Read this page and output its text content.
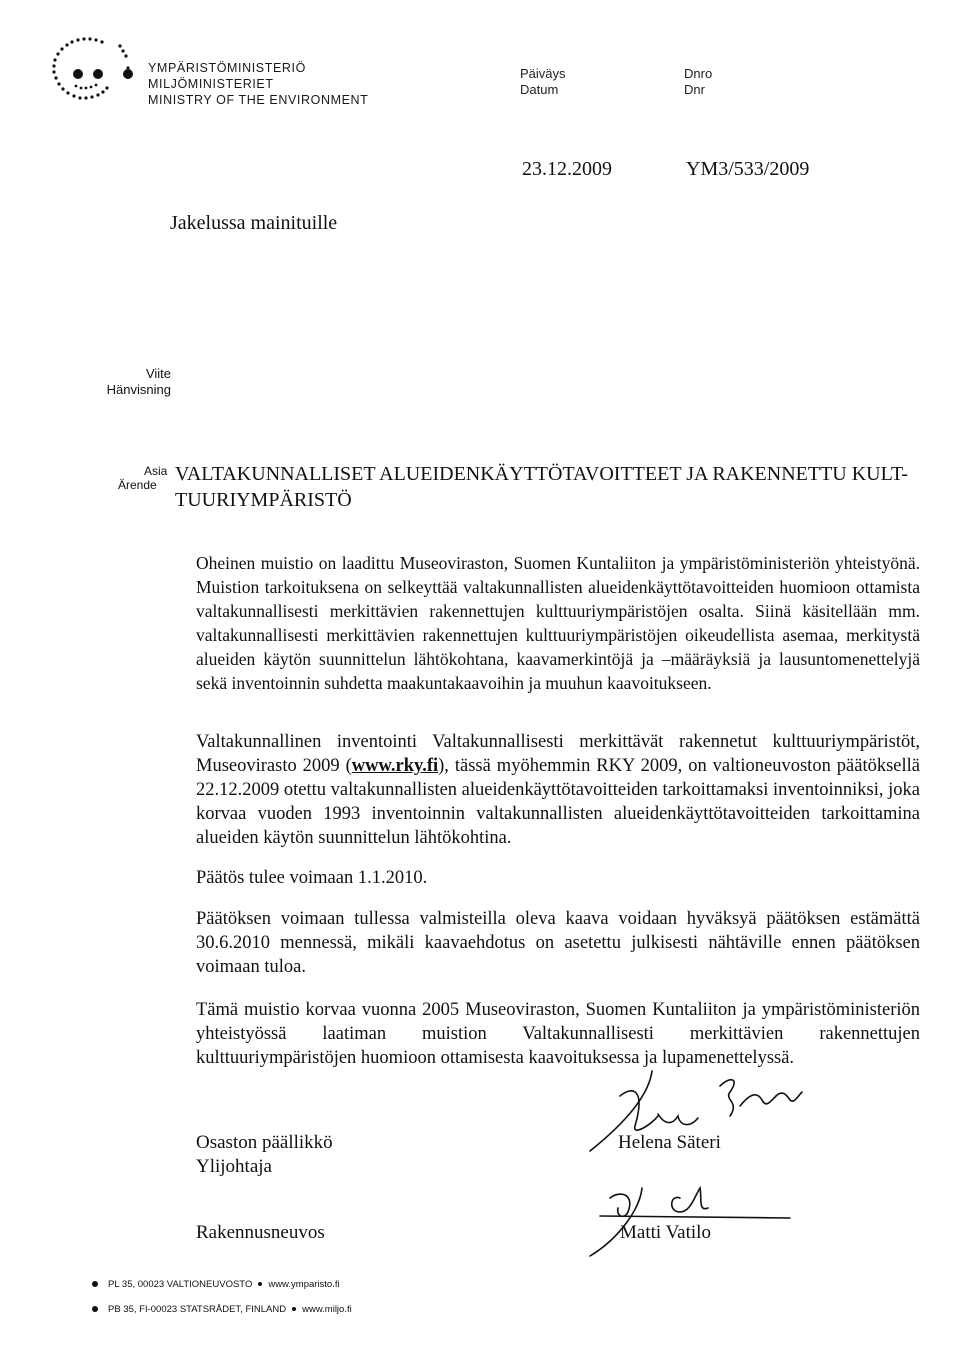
YMPÄRISTÖMINISTERIÖ
MILJÖMINISTERIET
MINISTRY OF THE ENVIRONMENT
Päiväys
Datum
Dnro
Dnr
23.12.2009	YM3/533/2009
Jakelussa mainituille
Viite
Hänvisning
Asia
Ärende VALTAKUNNALLISET ALUEIDENKÄYTTÖTAVOITTEET JA RAKENNETTU KULT-
TUURIYMPÄRISTÖ

Oheinen muistio on laadittu Museoviraston, Suomen Kuntaliiton ja ympäristöministeriön yhteistyönä. Muistion tarkoituksena on selkeyttää valtakunnallisten alueidenkäyttötavoitteiden huomioon ottamista valtakunnallisesti merkittävien rakennettujen kulttuuriympäristöjen osalta. Siinä käsitellään mm. valtakunnallisesti merkittävien rakennettujen kulttuuriympäristöjen oikeudellista asemaa, merkitystä alueiden käytön suunnittelun lähtökohtana, kaavamerkintöjä ja –määräyksiä ja lausuntomenettelyjä sekä inventoinnin suhdetta maakuntakaavoihin ja muuhun kaavoitukseen.

Valtakunnallinen inventointi Valtakunnallisesti merkittävät rakennetut kulttuuriympäristöt, Museovirasto 2009 (www.rky.fi), tässä myöhemmin RKY 2009, on valtioneuvoston päätöksellä 22.12.2009 otettu valtakunnallisten alueidenkäyttötavoitteiden tarkoittamaksi inventoinniksi, joka korvaa vuoden 1993 inventoinnin valtakunnallisten alueidenkäyttötavoitteiden tarkoittamina alueiden käytön suunnittelun lähtökohtina.

Päätös tulee voimaan 1.1.2010.

Päätöksen voimaan tullessa valmisteilla oleva kaava voidaan hyväksyä päätöksen estämättä 30.6.2010 mennessä, mikäli kaavaehdotus on asetettu julkisesti nähtäville ennen päätöksen voimaan tuloa.

Tämä muistio korvaa vuonna 2005 Museoviraston, Suomen Kuntaliiton ja ympäristöministeriön yhteistyössä laatiman muistion Valtakunnallisesti merkittävien rakennettujen kulttuuriympäristöjen huomioon ottamisesta kaavoituksessa ja lupamenettelyssä.

Osaston päällikkö
Ylijohtaja
Rakennusneuvos
Helena Säteri
Matti Vatilo
PL 35, 00023 VALTIONEUVOSTO www.ymparisto.fi
PB 35, FI-00023 STATSRÅDET, FINLAND www.miljo.fi
